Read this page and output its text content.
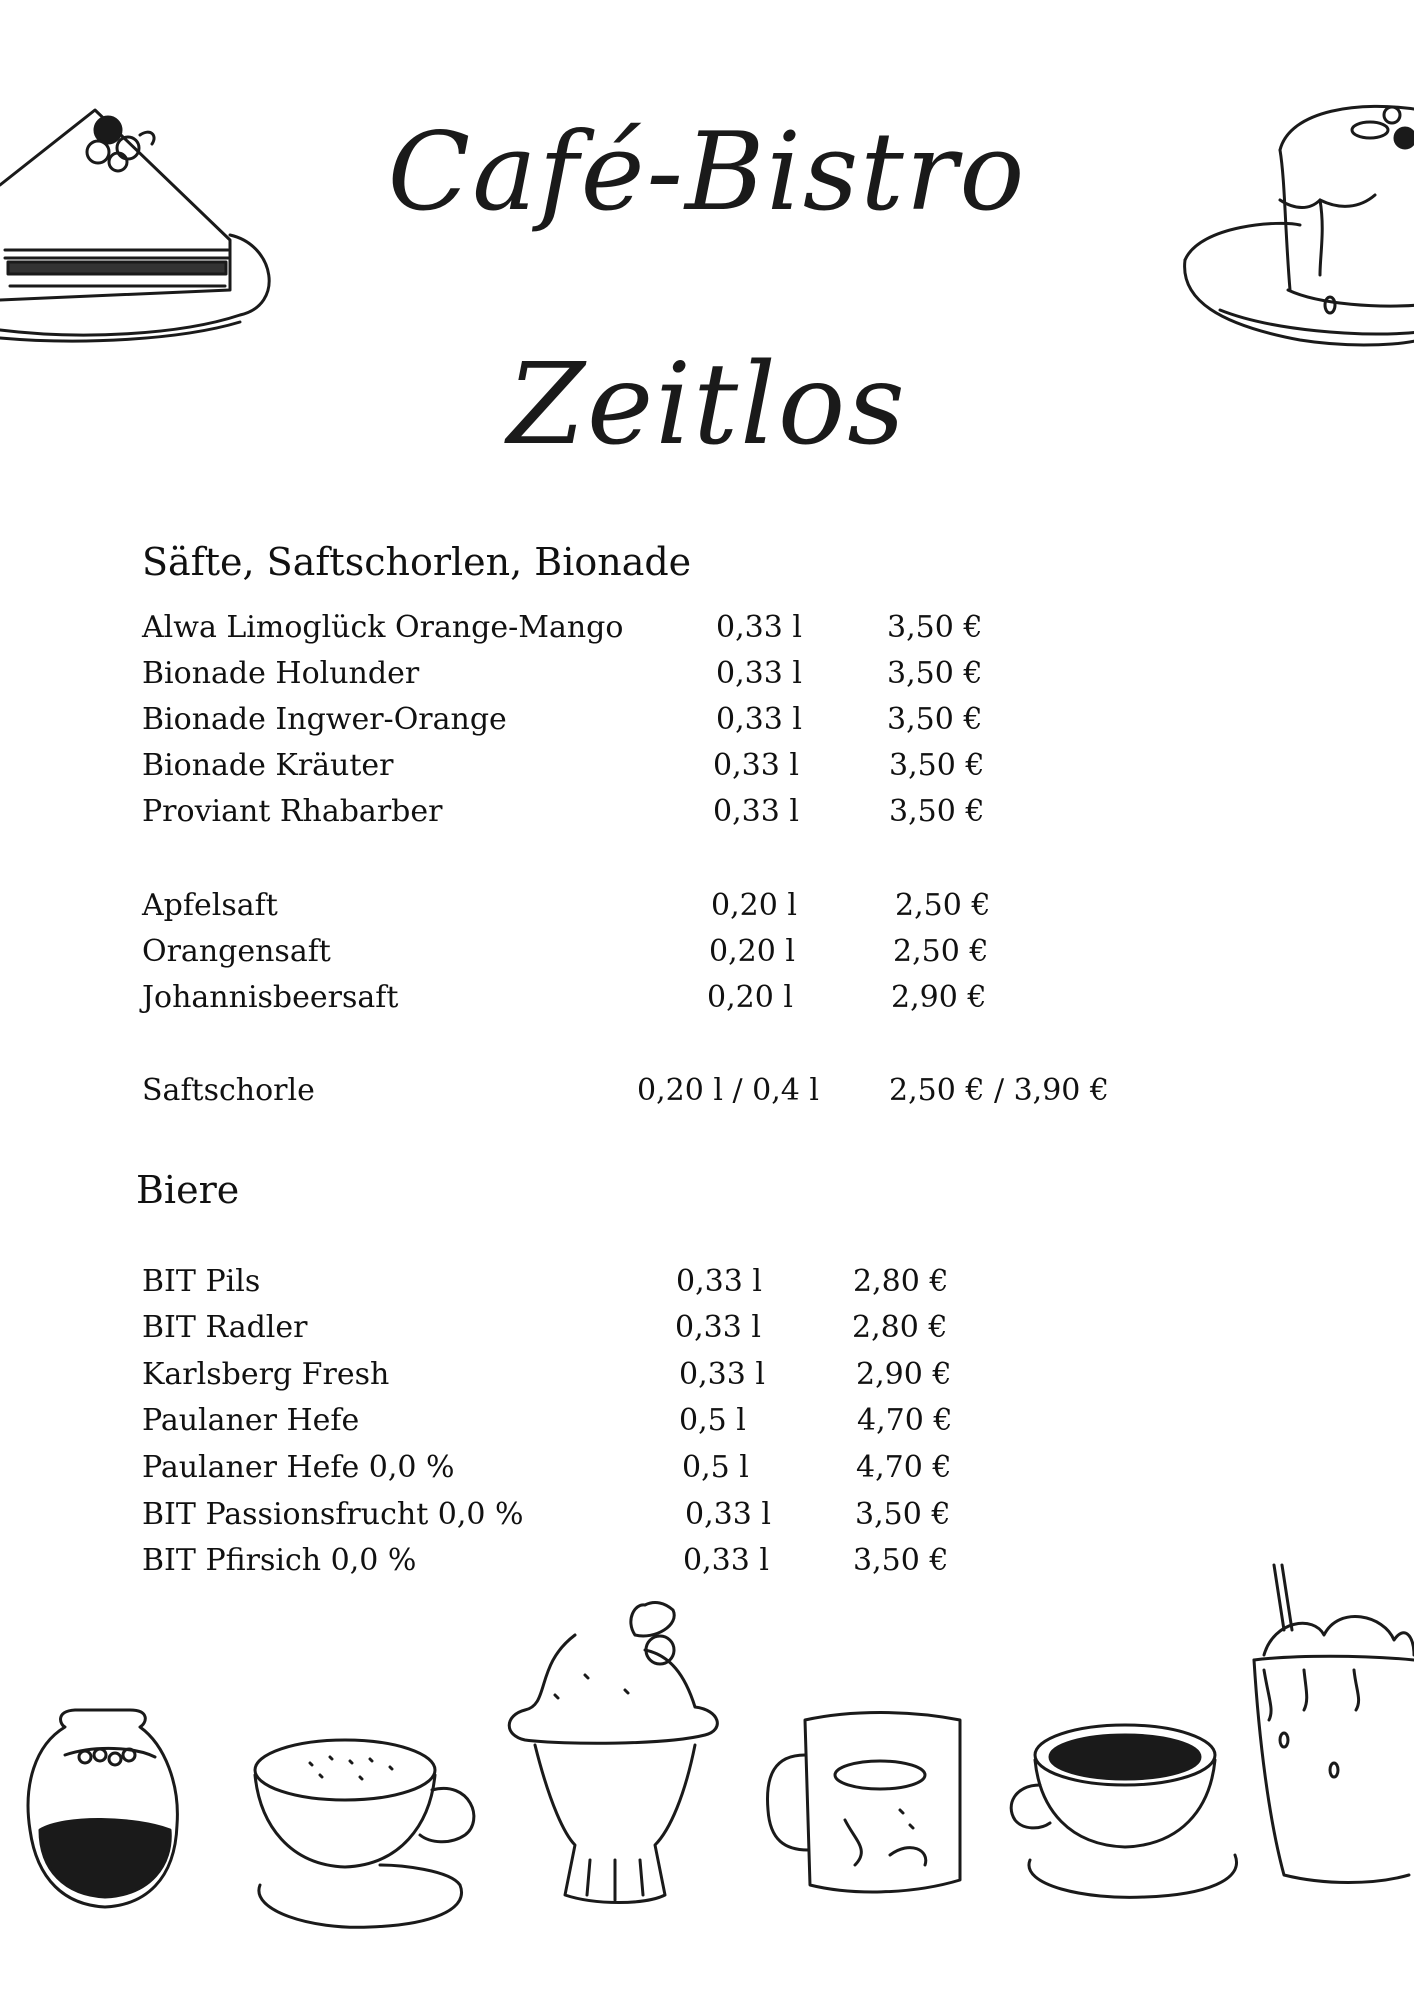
Café-Bistro
Zeitlos
Säfte, Saftschorlen, Bionade
Alwa Limoglück Orange-Mango	0,33 l	3,50 €
Bionade Holunder	0,33 l	3,50 €
Bionade Ingwer-Orange	0,33 l	3,50 €
Bionade Kräuter	0,33 l	3,50 €
Proviant Rhabarber	0,33 l	3,50 €
Apfelsaft	0,20 l	2,50 €
Orangensaft	0,20 l	2,50 €
Johannisbeersaft	0,20 l	2,90 €
Saftschorle	0,20 l / 0,4 l 2,50 € / 3,90 €
Biere
BIT Pils	0,33 l	2,80 €
BIT Radler	0,33 l	2,80 €
Karlsberg Fresh	0,33 l	2,90 €
Paulaner Hefe	0,5 l	4,70 €
Paulaner Hefe 0,0 %	0,5 l	4,70 €
BIT Passionsfrucht 0,0 %	0,33 l	3,50 €
BIT Pfirsich 0,0 %	0,33 l	3,50 €
